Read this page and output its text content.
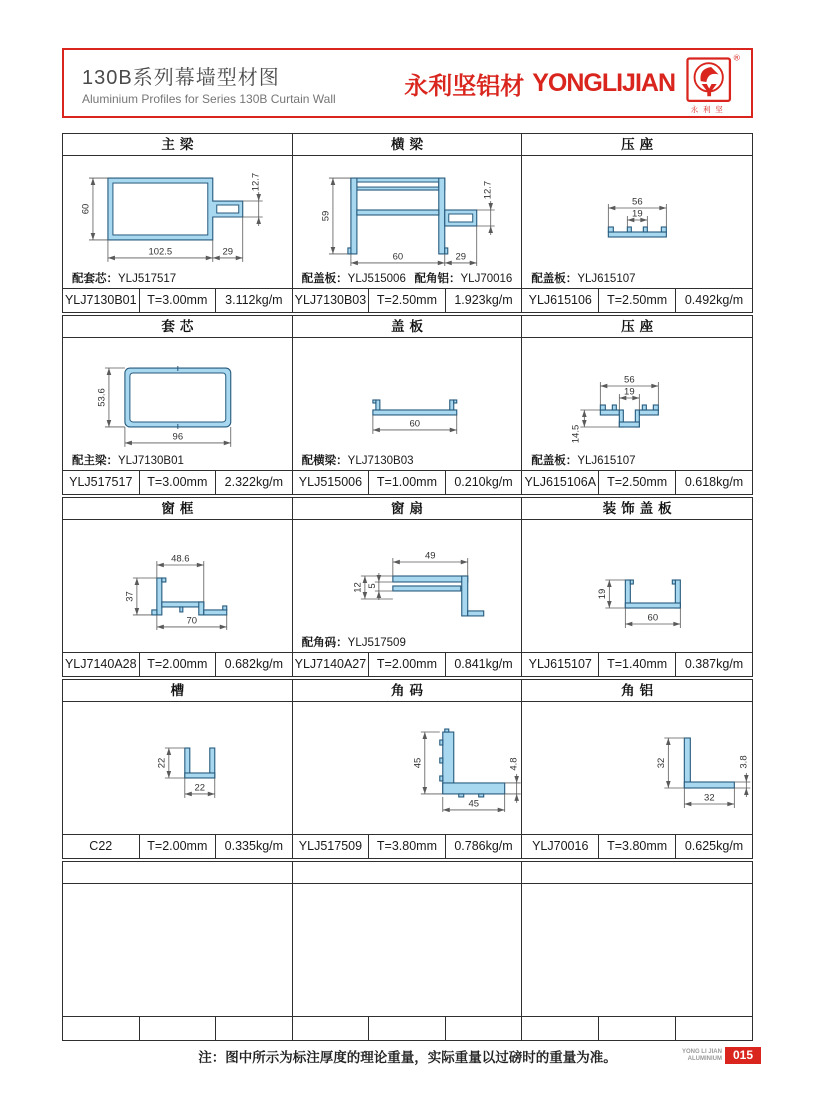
130B系列幕墙型材图
Aluminium Profiles for Series 130B Curtain Wall	永利坚铝材 YONGLIJIAN
®
永利坚
主梁
60
102.5	29
12.7
配套芯：YLJ517517
YLJ7130B01 T=3.00mm	3.112kg/m
横梁
59
60	29
12.7
配盖板：YLJ515006 配角铝：YLJ70016
YLJ7130B03 T=2.50mm	1.923kg/m
压座
56
19
配盖板：YLJ615107
YLJ615106	T=2.50mm	0.492kg/m
套芯
53.6
96
配主梁：YLJ7130B01
YLJ517517	T=3.00mm	2.322kg/m
盖板
60
配横梁：YLJ7130B03
YLJ515006	T=1.00mm	0.210kg/m
压座
56
19
14.5
配盖板：YLJ615107
YLJ615106A T=2.50mm	0.618kg/m
窗框
48.6
37
70
YLJ7140A28 T=2.00mm	0.682kg/m
窗扇
49
12 5
配角码：YLJ517509
YLJ7140A27 T=2.00mm	0.841kg/m
装饰盖板
19
60
YLJ615107	T=1.40mm	0.387kg/m
槽
22
22
C22	T=2.00mm	0.335kg/m
角码
45
45
4.8
YLJ517509	T=3.80mm	0.786kg/m
角铝
32
32
3.8
YLJ70016	T=3.80mm	0.625kg/m
注：图中所示为标注厚度的理论重量，实际重量以过磅时的重量为准。	YONG LI JIAN
ALUMINIUM 015
